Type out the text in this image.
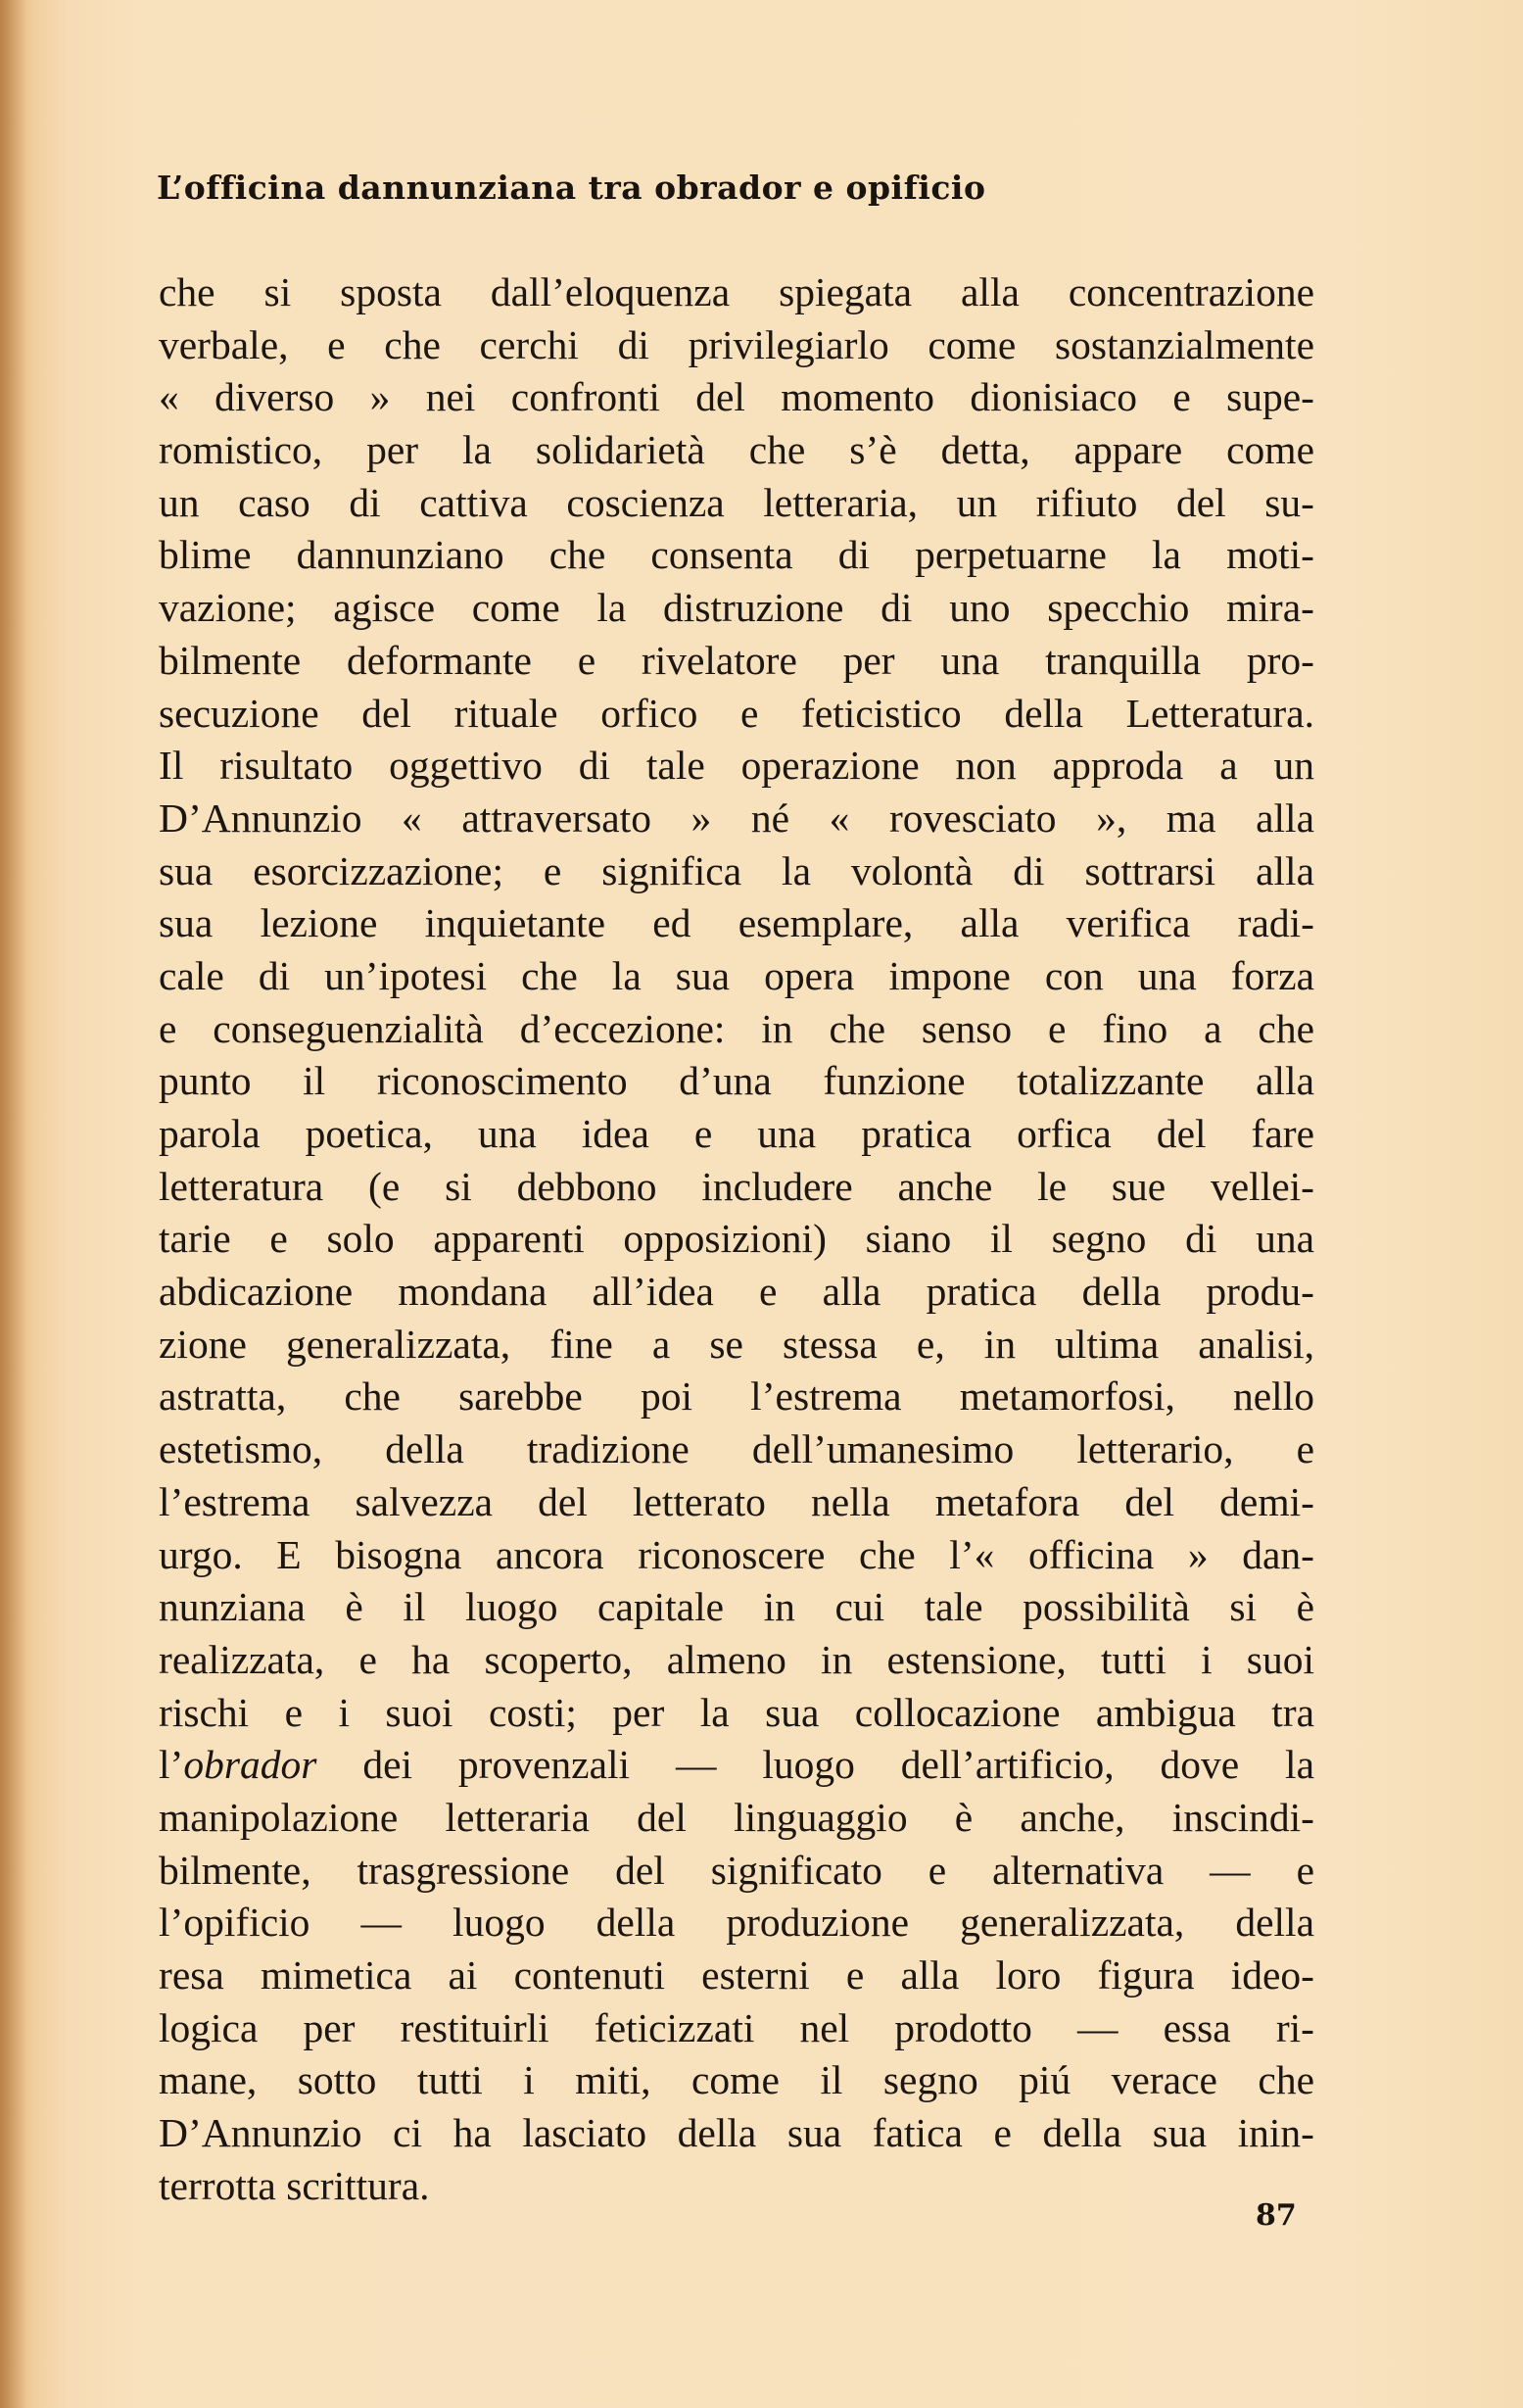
L’officina dannunziana tra obrador e opificio
che si sposta dall’eloquenza spiegata alla concentrazione
verbale, e che cerchi di privilegiarlo come sostanzialmente
« diverso » nei confronti del momento dionisiaco e supe-
romistico, per la solidarietà che s’è detta, appare come
un caso di cattiva coscienza letteraria, un rifiuto del su-
blime dannunziano che consenta di perpetuarne la moti-
vazione; agisce come la distruzione di uno specchio mira-
bilmente deformante e rivelatore per una tranquilla pro-
secuzione del rituale orfico e feticistico della Letteratura.
Il risultato oggettivo di tale operazione non approda a un
D’Annunzio « attraversato » né « rovesciato », ma alla
sua esorcizzazione; e significa la volontà di sottrarsi alla
sua lezione inquietante ed esemplare, alla verifica radi-
cale di un’ipotesi che la sua opera impone con una forza
e conseguenzialità d’eccezione: in che senso e fino a che
punto il riconoscimento d’una funzione totalizzante alla
parola poetica, una idea e una pratica orfica del fare
letteratura (e si debbono includere anche le sue vellei-
tarie e solo apparenti opposizioni) siano il segno di una
abdicazione mondana all’idea e alla pratica della produ-
zione generalizzata, fine a se stessa e, in ultima analisi,
astratta, che sarebbe poi l’estrema metamorfosi, nello
estetismo, della tradizione dell’umanesimo letterario, e
l’estrema salvezza del letterato nella metafora del demi-
urgo. E bisogna ancora riconoscere che l’« officina » dan-
nunziana è il luogo capitale in cui tale possibilità si è
realizzata, e ha scoperto, almeno in estensione, tutti i suoi
rischi e i suoi costi; per la sua collocazione ambigua tra
l’obrador dei provenzali — luogo dell’artificio, dove la
manipolazione letteraria del linguaggio è anche, inscindi-
bilmente, trasgressione del significato e alternativa — e
l’opificio — luogo della produzione generalizzata, della
resa mimetica ai contenuti esterni e alla loro figura ideo-
logica per restituirli feticizzati nel prodotto — essa ri-
mane, sotto tutti i miti, come il segno piú verace che
D’Annunzio ci ha lasciato della sua fatica e della sua inin-
terrotta scrittura.
87
